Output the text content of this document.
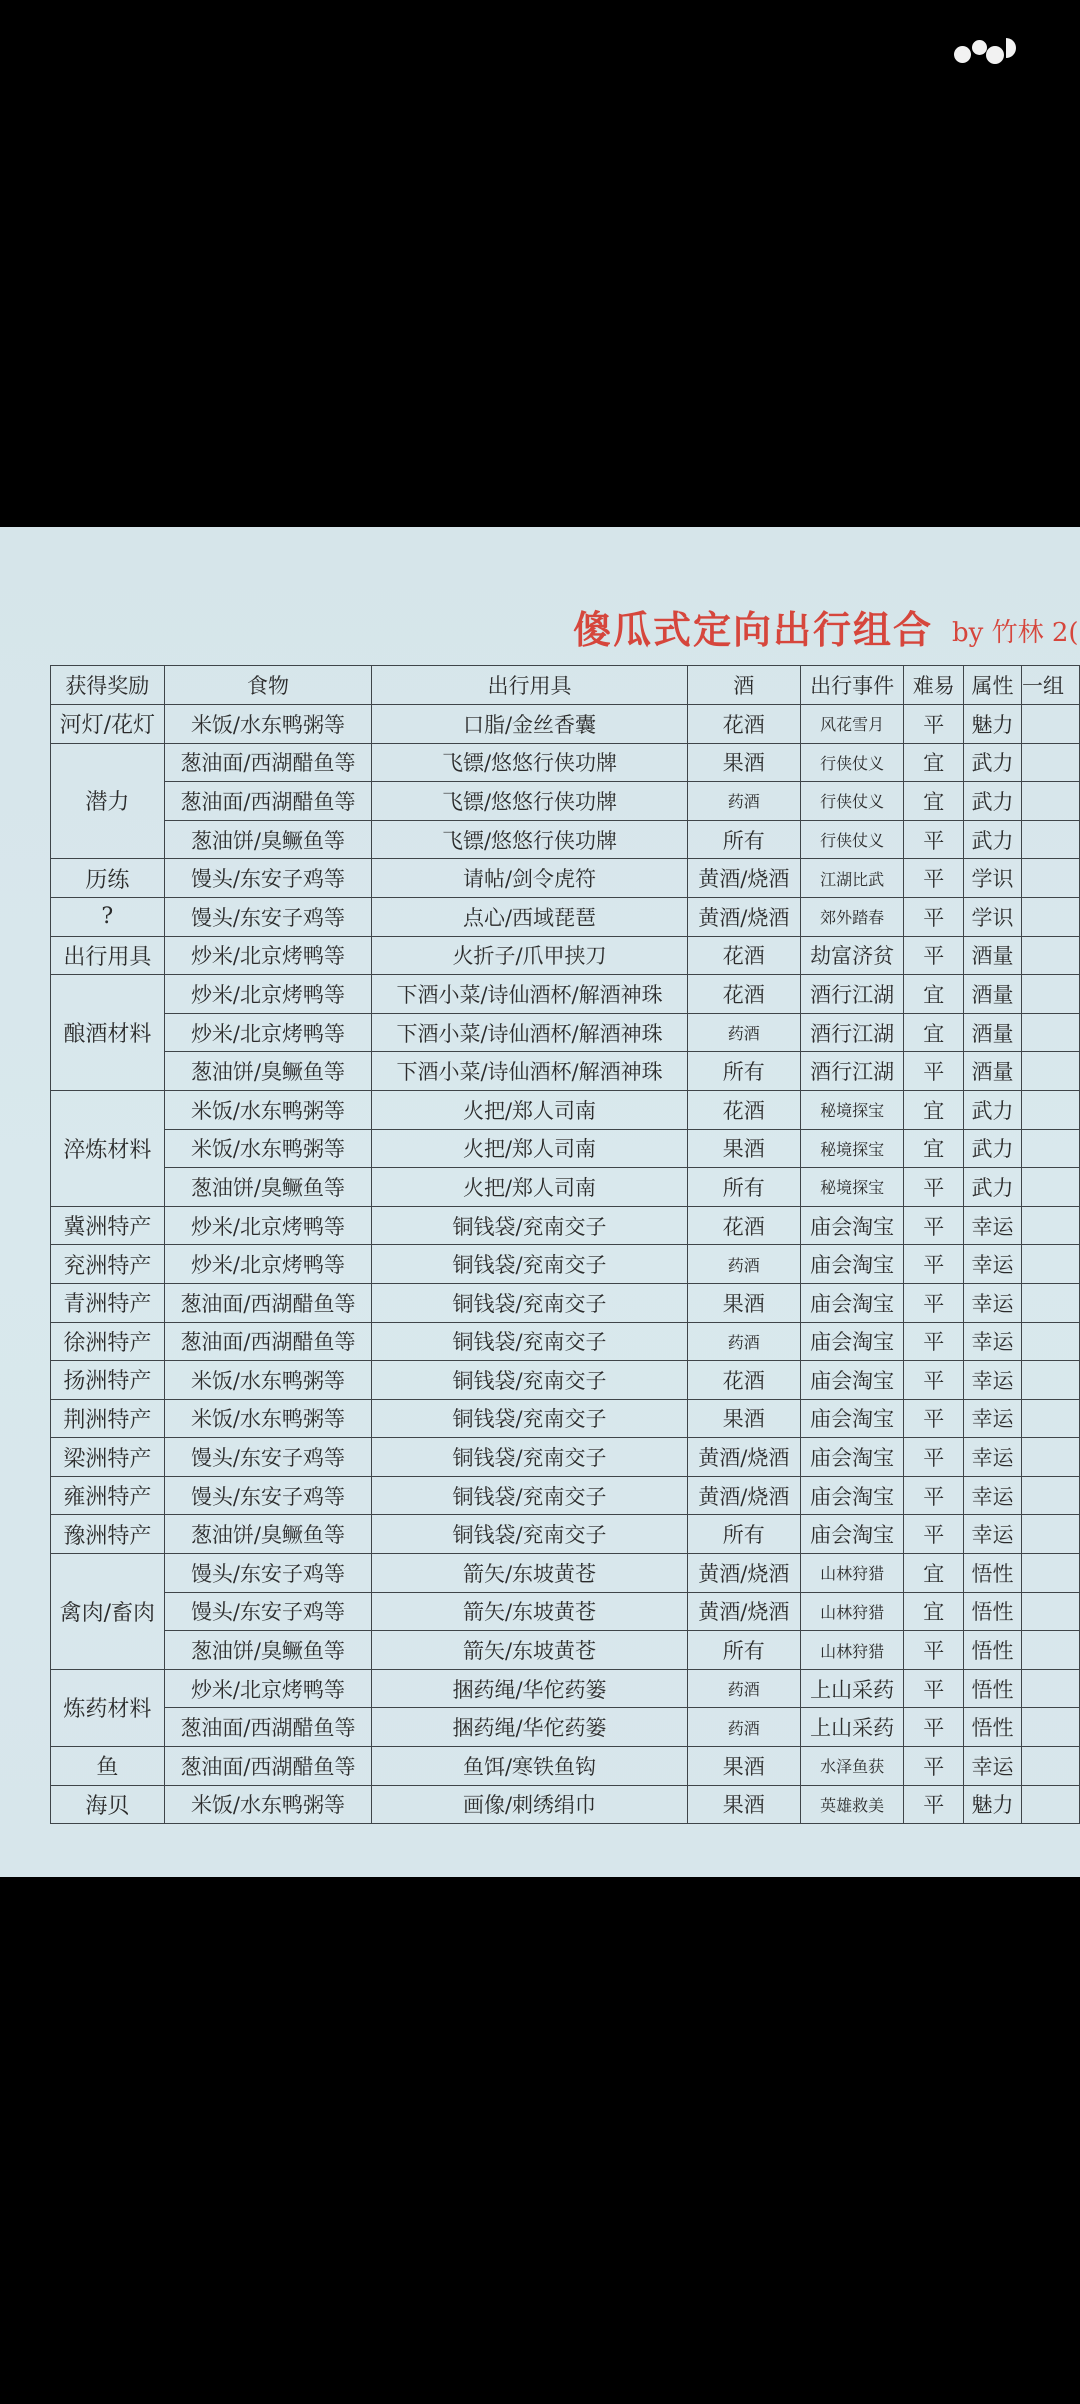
傻瓜式定向出行组合 by 竹林 2(
获得奖励	食物	出行用具	酒	出行事件	难易	属性	一组
河灯/花灯	米饭/水东鸭粥等	口脂/金丝香囊	花酒	风花雪月	平	魅力	
潜力	葱油面/西湖醋鱼等	飞镖/悠悠行侠功牌	果酒	行侠仗义	宜	武力	
	葱油面/西湖醋鱼等	飞镖/悠悠行侠功牌	药酒	行侠仗义	宜	武力	
	葱油饼/臭鳜鱼等	飞镖/悠悠行侠功牌	所有	行侠仗义	平	武力	
历练	馒头/东安子鸡等	请帖/剑令虎符	黄酒/烧酒	江湖比武	平	学识	
?	馒头/东安子鸡等	点心/西域琵琶	黄酒/烧酒	郊外踏春	平	学识	
出行用具	炒米/北京烤鸭等	火折子/爪甲挟刀	花酒	劫富济贫	平	酒量	
酿酒材料	炒米/北京烤鸭等	下酒小菜/诗仙酒杯/解酒神珠	花酒	酒行江湖	宜	酒量	
	炒米/北京烤鸭等	下酒小菜/诗仙酒杯/解酒神珠	药酒	酒行江湖	宜	酒量	
	葱油饼/臭鳜鱼等	下酒小菜/诗仙酒杯/解酒神珠	所有	酒行江湖	平	酒量	
淬炼材料	米饭/水东鸭粥等	火把/郑人司南	花酒	秘境探宝	宜	武力	
	米饭/水东鸭粥等	火把/郑人司南	果酒	秘境探宝	宜	武力	
	葱油饼/臭鳜鱼等	火把/郑人司南	所有	秘境探宝	平	武力	
冀洲特产	炒米/北京烤鸭等	铜钱袋/兖南交子	花酒	庙会淘宝	平	幸运	
兖洲特产	炒米/北京烤鸭等	铜钱袋/兖南交子	药酒	庙会淘宝	平	幸运	
青洲特产	葱油面/西湖醋鱼等	铜钱袋/兖南交子	果酒	庙会淘宝	平	幸运	
徐洲特产	葱油面/西湖醋鱼等	铜钱袋/兖南交子	药酒	庙会淘宝	平	幸运	
扬洲特产	米饭/水东鸭粥等	铜钱袋/兖南交子	花酒	庙会淘宝	平	幸运	
荆洲特产	米饭/水东鸭粥等	铜钱袋/兖南交子	果酒	庙会淘宝	平	幸运	
梁洲特产	馒头/东安子鸡等	铜钱袋/兖南交子	黄酒/烧酒	庙会淘宝	平	幸运	
雍洲特产	馒头/东安子鸡等	铜钱袋/兖南交子	黄酒/烧酒	庙会淘宝	平	幸运	
豫洲特产	葱油饼/臭鳜鱼等	铜钱袋/兖南交子	所有	庙会淘宝	平	幸运	
禽肉/畜肉	馒头/东安子鸡等	箭矢/东坡黄苍	黄酒/烧酒	山林狩猎	宜	悟性	
	馒头/东安子鸡等	箭矢/东坡黄苍	黄酒/烧酒	山林狩猎	宜	悟性	
	葱油饼/臭鳜鱼等	箭矢/东坡黄苍	所有	山林狩猎	平	悟性	
炼药材料	炒米/北京烤鸭等	捆药绳/华佗药篓	药酒	上山采药	平	悟性	
	葱油面/西湖醋鱼等	捆药绳/华佗药篓	药酒	上山采药	平	悟性	
鱼	葱油面/西湖醋鱼等	鱼饵/寒铁鱼钩	果酒	水泽鱼获	平	幸运	
海贝	米饭/水东鸭粥等	画像/刺绣绢巾	果酒	英雄救美	平	魅力	
